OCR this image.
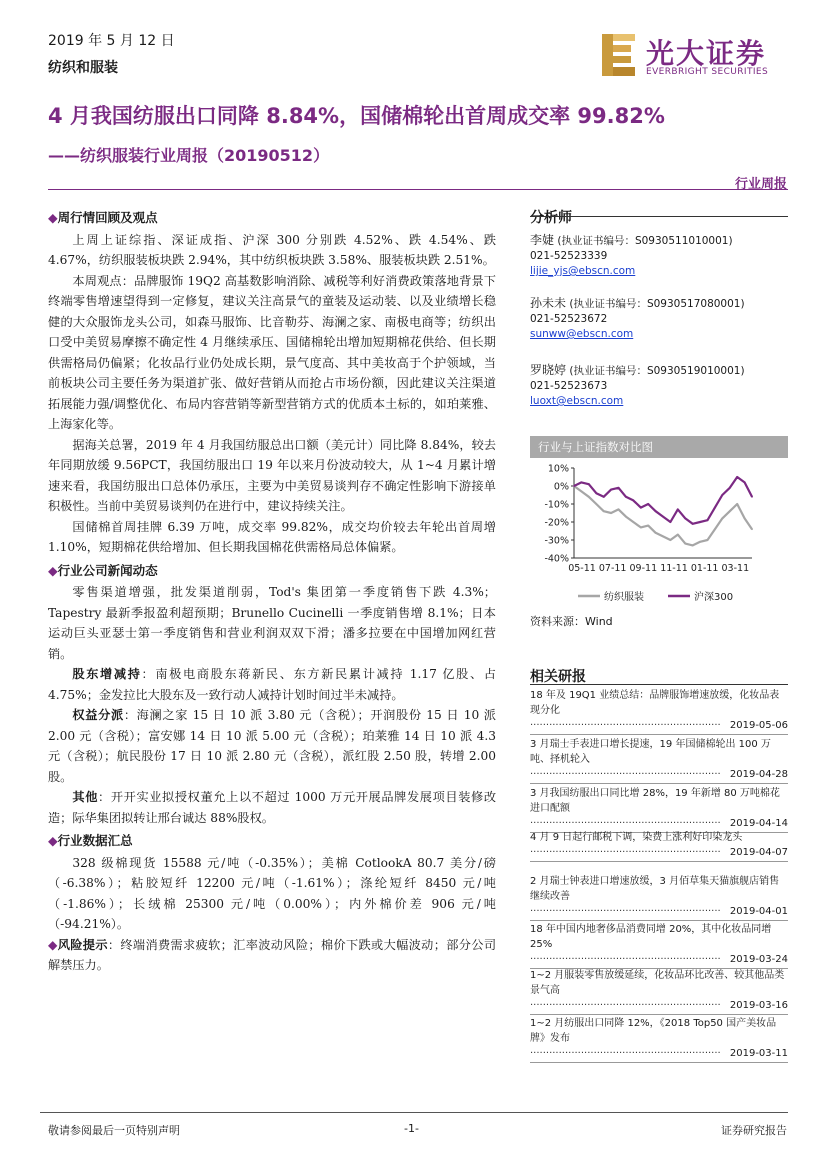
2019 年 5 月 12 日
纺织和服装	光大证券
EVERBRIGHT SECURITIES
4 月我国纺服出口同降 8.84%，国储棉轮出首周成交率 99.82%
——纺织服装行业周报（20190512）
行业周报
◆周行情回顾及观点

上周上证综指、深证成指、沪深 300 分别跌 4.52%、跌 4.54%、跌 4.67%，纺织服装板块跌 2.94%，其中纺织板块跌 3.58%、服装板块跌 2.51%。

本周观点：品牌服饰 19Q2 高基数影响消除、减税等利好消费政策落地背景下终端零售增速望得到一定修复，建议关注高景气的童装及运动装、以及业绩增长稳健的大众服饰龙头公司，如森马服饰、比音勒芬、海澜之家、南极电商等；纺织出口受中美贸易摩擦不确定性 4 月继续承压、国储棉轮出增加短期棉花供给、但长期供需格局仍偏紧；化妆品行业仍处成长期，景气度高、其中美妆高于个护领域，当前板块公司主要任务为渠道扩张、做好营销从而抢占市场份额，因此建议关注渠道拓展能力强/调整优化、布局内容营销等新型营销方式的优质本土标的，如珀莱雅、上海家化等。

据海关总署，2019 年 4 月我国纺服总出口额（美元计）同比降 8.84%，较去年同期放缓 9.56PCT，我国纺服出口 19 年以来月份波动较大，从 1~4 月累计增速来看，我国纺服出口总体仍承压，主要为中美贸易谈判存不确定性影响下游接单积极性。当前中美贸易谈判仍在进行中，建议持续关注。

国储棉首周挂牌 6.39 万吨，成交率 99.82%，成交均价较去年轮出首周增 1.10%，短期棉花供给增加、但长期我国棉花供需格局总体偏紧。

◆行业公司新闻动态

零售渠道增强，批发渠道削弱，Tod's 集团第一季度销售下跌 4.3%；Tapestry 最新季报盈利超预期；Brunello Cucinelli 一季度销售增 8.1%；日本运动巨头亚瑟士第一季度销售和营业利润双双下滑；潘多拉要在中国增加网红营销。

股东增减持：南极电商股东蒋新民、东方新民累计减持 1.17 亿股、占 4.75%；金发拉比大股东及一致行动人减持计划时间过半未减持。

权益分派：海澜之家 15 日 10 派 3.80 元（含税）；开润股份 15 日 10 派 2.00 元（含税）；富安娜 14 日 10 派 5.00 元（含税）；珀莱雅 14 日 10 派 4.3 元（含税）；航民股份 17 日 10 派 2.80 元（含税），派红股 2.50 股，转增 2.00 股。

其他：开开实业拟授权董允上以不超过 1000 万元开展品牌发展项目装修改造；际华集团拟转让邢台诚达 88%股权。

◆行业数据汇总

328 级棉现货 15588 元/吨（-0.35%）；美棉 CotlookA 80.7 美分/磅（-6.38%）；粘胶短纤 12200 元/吨（-1.61%）；涤纶短纤 8450 元/吨（-1.86%）；长绒棉 25300 元/吨（0.00%）；内外棉价差 906 元/吨（-94.21%）。

◆风险提示：终端消费需求疲软；汇率波动风险；棉价下跌或大幅波动；部分公司解禁压力。

分析师
李婕 (执业证书编号：S0930511010001)
021-52523339
lijie_yjs@ebscn.com
孙未未 (执业证书编号：S0930517080001)
021-52523672
sunww@ebscn.com
罗晓婷 (执业证书编号：S0930519010001)
021-52523673
luoxt@ebscn.com
行业与上证指数对比图
10%
0%
-10%
-20%
-30%
-40%
05-11 07-11 09-11 11-11 01-11 03-11
纺织服装	沪深300
资料来源：Wind
相关研报
18 年及 19Q1 业绩总结：品牌服饰增速放缓，化妆品表现分化
···························································· 2019-05-06
3 月瑞士手表进口增长提速，19 年国储棉轮出 100 万吨、择机轮入
···························································· 2019-04-28
3 月我国纺服出口同比增 28%，19 年新增 80 万吨棉花进口配额
···························································· 2019-04-14
4 月 9 日起行邮税下调，染费上涨利好印染龙头
···························································· 2019-04-07
2 月瑞士钟表进口增速放缓，3 月佰草集天猫旗舰店销售继续改善
···························································· 2019-04-01
18 年中国内地奢侈品消费同增 20%，其中化妆品同增 25%
···························································· 2019-03-24
1~2 月服装零售放缓延续，化妆品环比改善、较其他品类景气高
···························································· 2019-03-16
1~2 月纺服出口同降 12%，《2018 Top50 国产美妆品牌》发布
···························································· 2019-03-11
敬请参阅最后一页特别声明	-1-	证券研究报告
